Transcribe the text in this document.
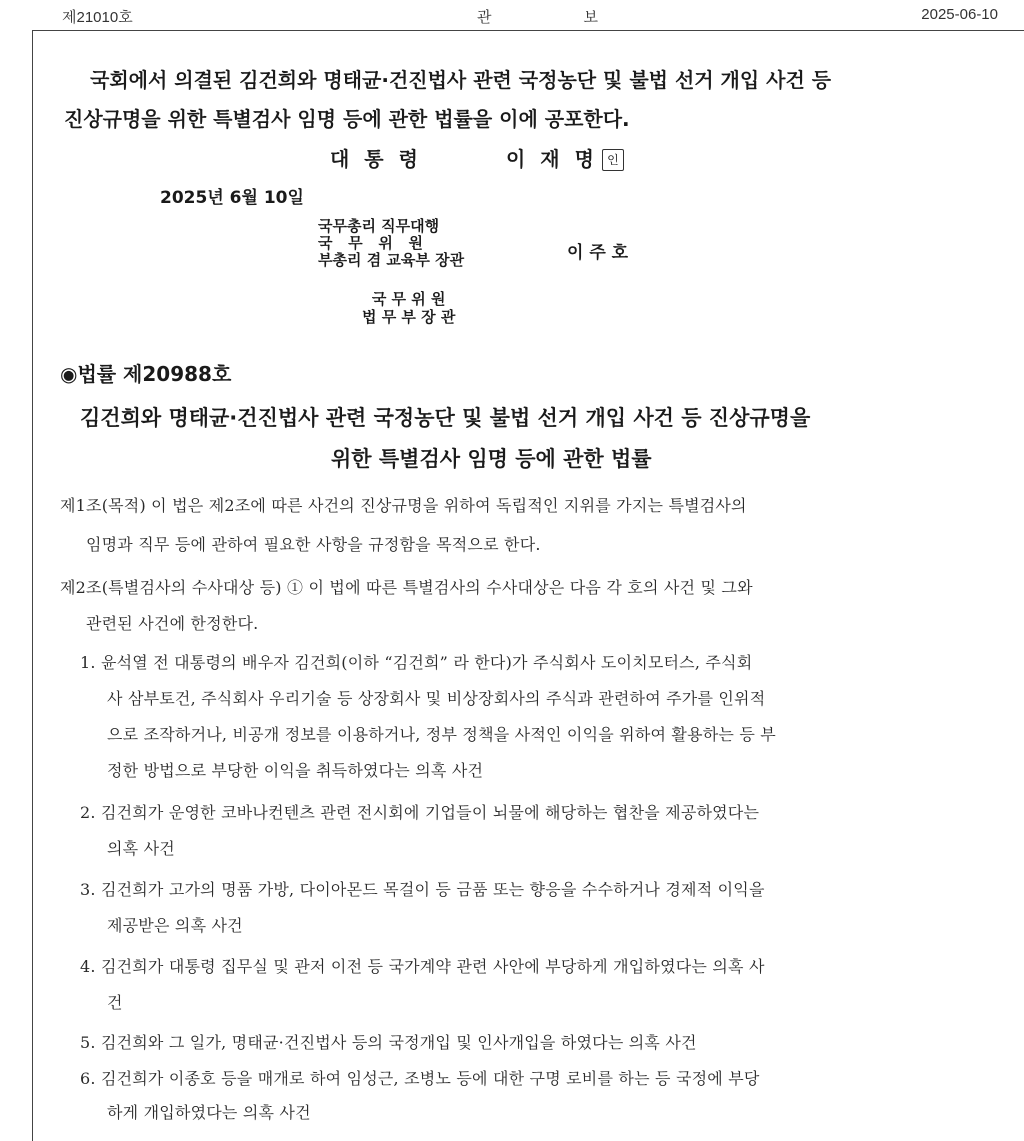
제21010호	관	보	2025-06-10
국회에서 의결된 김건희와 명태균·건진법사 관련 국정농단 및 불법 선거 개입 사건 등
진상규명을 위한 특별검사 임명 등에 관한 법률을 이에 공포한다.
대 통 령	이 재 명 인
2025년 6월 10일
국무총리 직무대행
국   무   위   원
부총리 겸 교육부 장관	이 주 호
국 무 위 원
법 무 부 장 관
◉법률 제20988호
김건희와 명태균·건진법사 관련 국정농단 및 불법 선거 개입 사건 등 진상규명을
위한 특별검사 임명 등에 관한 법률
제1조(목적) 이 법은 제2조에 따른 사건의 진상규명을 위하여 독립적인 지위를 가지는 특별검사의
임명과 직무 등에 관하여 필요한 사항을 규정함을 목적으로 한다.
제2조(특별검사의 수사대상 등) ① 이 법에 따른 특별검사의 수사대상은 다음 각 호의 사건 및 그와
관련된 사건에 한정한다.
1. 윤석열 전 대통령의 배우자 김건희(이하 “김건희” 라 한다)가 주식회사 도이치모터스, 주식회
사 삼부토건, 주식회사 우리기술 등 상장회사 및 비상장회사의 주식과 관련하여 주가를 인위적
으로 조작하거나, 비공개 정보를 이용하거나, 정부 정책을 사적인 이익을 위하여 활용하는 등 부
정한 방법으로 부당한 이익을 취득하였다는 의혹 사건
2. 김건희가 운영한 코바나컨텐츠 관련 전시회에 기업들이 뇌물에 해당하는 협찬을 제공하였다는
의혹 사건
3. 김건희가 고가의 명품 가방, 다이아몬드 목걸이 등 금품 또는 향응을 수수하거나 경제적 이익을
제공받은 의혹 사건
4. 김건희가 대통령 집무실 및 관저 이전 등 국가계약 관련 사안에 부당하게 개입하였다는 의혹 사
건
5. 김건희와 그 일가, 명태균·건진법사 등의 국정개입 및 인사개입을 하였다는 의혹 사건
6. 김건희가 이종호 등을 매개로 하여 임성근, 조병노 등에 대한 구명 로비를 하는 등 국정에 부당
하게 개입하였다는 의혹 사건
